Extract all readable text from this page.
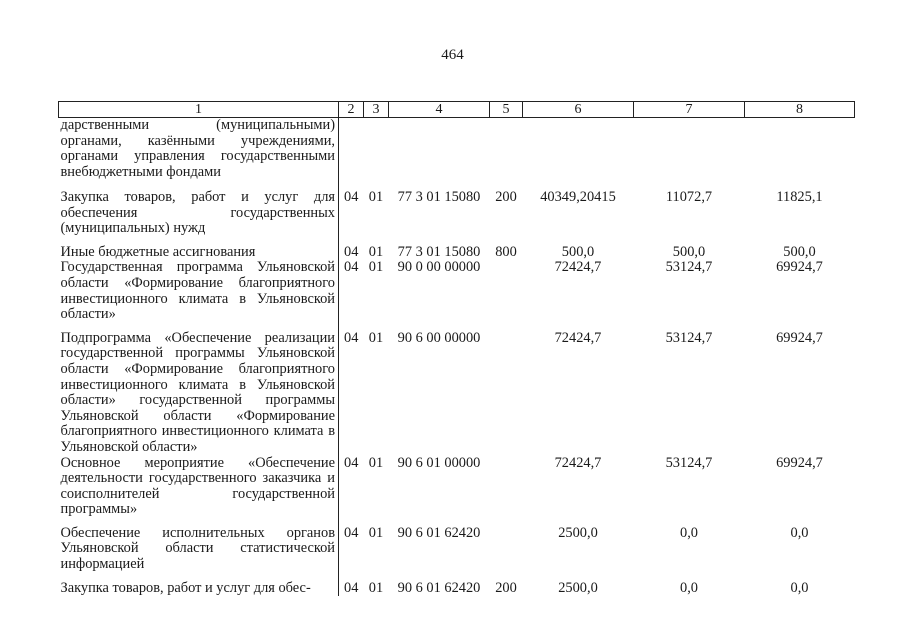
464
1	2	3	4	5	6	7	8
дарственными (муниципальными) органами, казёнными учреждениями, органами управления государственными внебюджетными фондами							
Закупка товаров, работ и услуг для обеспечения государственных (муниципальных) нужд	04	01	77 3 01 15080	200	40349,20415	11072,7	11825,1
Иные бюджетные ассигнования	04	01	77 3 01 15080	800	500,0	500,0	500,0
Государственная программа Ульяновской области «Формирование благоприятного инвестиционного климата в Ульяновской области»	04	01	90 0 00 00000		72424,7	53124,7	69924,7
Подпрограмма «Обеспечение реализации государственной программы Ульяновской области «Формирование благоприятного инвестиционного климата в Ульяновской области» государственной программы Ульяновской области «Формирование благоприятного инвестиционного климата в Ульяновской области»	04	01	90 6 00 00000		72424,7	53124,7	69924,7
Основное мероприятие «Обеспечение деятельности государственного заказчика и соисполнителей государственной программы»	04	01	90 6 01 00000		72424,7	53124,7	69924,7
Обеспечение исполнительных органов Ульяновской области статистической информацией	04	01	90 6 01 62420		2500,0	0,0	0,0
Закупка товаров, работ и услуг для обес-	04	01	90 6 01 62420	200	2500,0	0,0	0,0
